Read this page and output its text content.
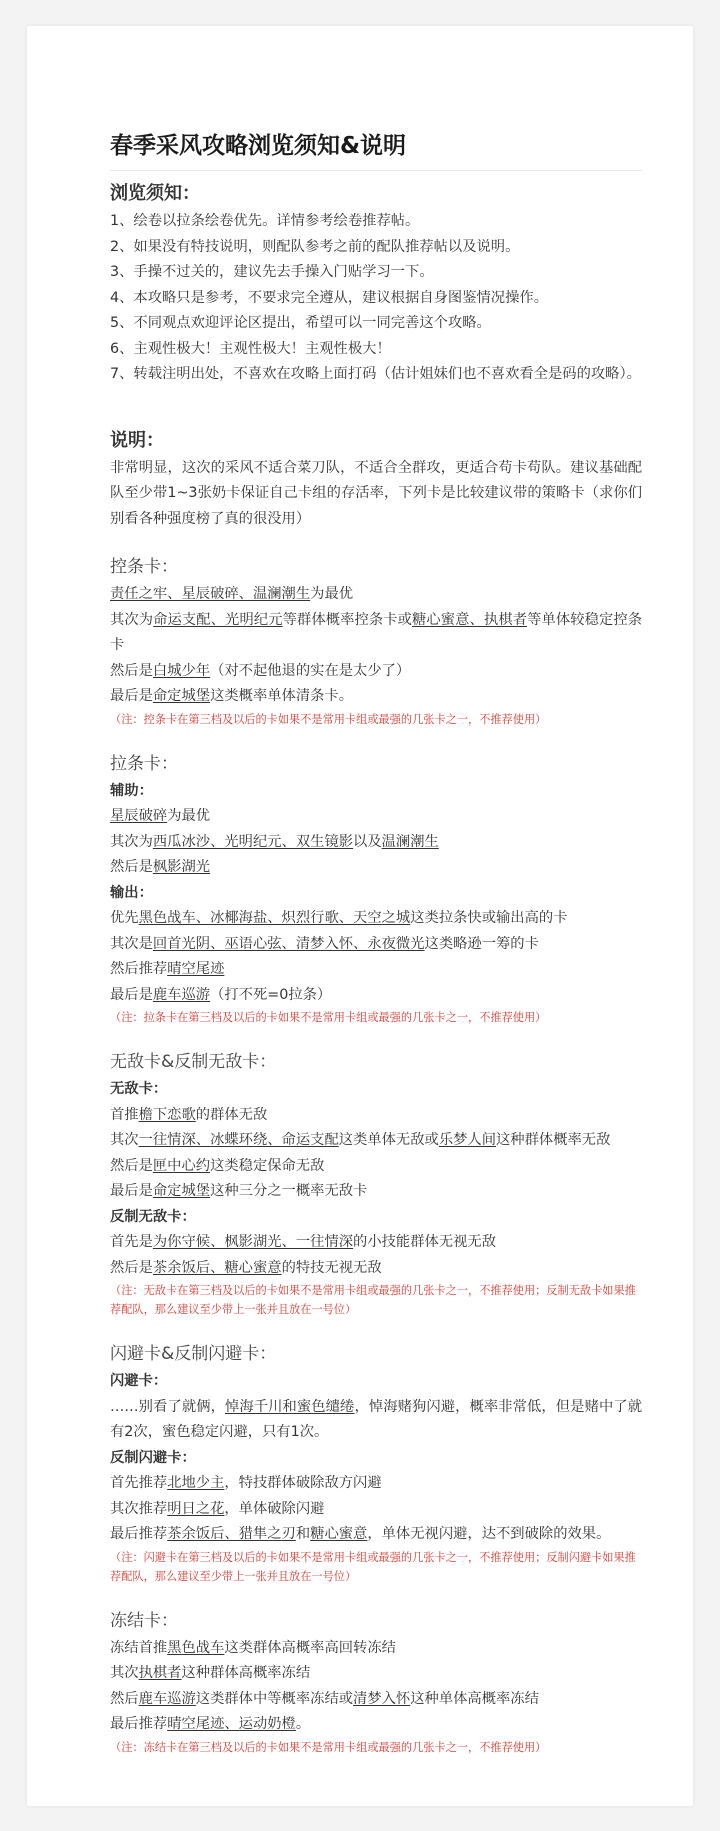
春季采风攻略浏览须知&说明
浏览须知：
1、绘卷以拉条绘卷优先。详情参考绘卷推荐帖。
2、如果没有特技说明，则配队参考之前的配队推荐帖以及说明。
3、手操不过关的，建议先去手操入门贴学习一下。
4、本攻略只是参考，不要求完全遵从，建议根据自身图鉴情况操作。
5、不同观点欢迎评论区提出，希望可以一同完善这个攻略。
6、主观性极大！主观性极大！主观性极大！
7、转载注明出处，不喜欢在攻略上面打码（估计姐妹们也不喜欢看全是码的攻略）。
说明：
非常明显，这次的采风不适合菜刀队，不适合全群攻，更适合苟卡苟队。建议基础配队至少带1~3张奶卡保证自己卡组的存活率，下列卡是比较建议带的策略卡（求你们别看各种强度榜了真的很没用）
控条卡：
责任之牢、星辰破碎、温澜潮生为最优
其次为命运支配、光明纪元等群体概率控条卡或糖心蜜意、执棋者等单体较稳定控条卡
然后是白城少年（对不起他退的实在是太少了）
最后是命定城堡这类概率单体清条卡。
（注：控条卡在第三档及以后的卡如果不是常用卡组或最强的几张卡之一，不推荐使用）
拉条卡：
辅助：
星辰破碎为最优
其次为西瓜冰沙、光明纪元、双生镜影以及温澜潮生
然后是枫影湖光
输出：
优先黑色战车、冰椰海盐、炽烈行歌、天空之城这类拉条快或输出高的卡
其次是回首光阴、巫语心弦、清梦入怀、永夜微光这类略逊一筹的卡
然后推荐晴空尾迹
最后是鹿车巡游（打不死=0拉条）
（注：拉条卡在第三档及以后的卡如果不是常用卡组或最强的几张卡之一，不推荐使用）
无敌卡&反制无敌卡：
无敌卡：
首推檐下恋歌的群体无敌
其次一往情深、冰蝶环绕、命运支配这类单体无敌或乐梦人间这种群体概率无敌
然后是匣中心约这类稳定保命无敌
最后是命定城堡这种三分之一概率无敌卡
反制无敌卡：
首先是为你守候、枫影湖光、一往情深的小技能群体无视无敌
然后是茶余饭后、糖心蜜意的特技无视无敌
（注：无敌卡在第三档及以后的卡如果不是常用卡组或最强的几张卡之一，不推荐使用；反制无敌卡如果推荐配队，那么建议至少带上一张并且放在一号位）
闪避卡&反制闪避卡：
闪避卡：
……别看了就俩，悼海千川和蜜色缱绻，悼海赌狗闪避，概率非常低，但是赌中了就有2次，蜜色稳定闪避，只有1次。
反制闪避卡：
首先推荐北地少主，特技群体破除敌方闪避
其次推荐明日之花，单体破除闪避
最后推荐茶余饭后、猎隼之刃和糖心蜜意，单体无视闪避，达不到破除的效果。
（注：闪避卡在第三档及以后的卡如果不是常用卡组或最强的几张卡之一，不推荐使用；反制闪避卡如果推荐配队，那么建议至少带上一张并且放在一号位）
冻结卡：
冻结首推黑色战车这类群体高概率高回转冻结
其次执棋者这种群体高概率冻结
然后鹿车巡游这类群体中等概率冻结或清梦入怀这种单体高概率冻结
最后推荐晴空尾迹、运动奶橙。
（注：冻结卡在第三档及以后的卡如果不是常用卡组或最强的几张卡之一，不推荐使用）
